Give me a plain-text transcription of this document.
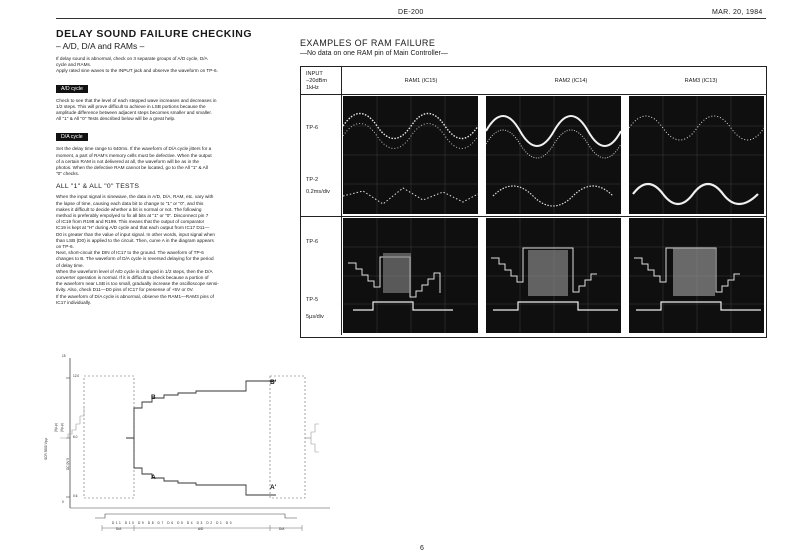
DE-200	MAR. 20, 1984
DELAY SOUND FAILURE CHECKING
– A/D, D/A and RAMs –

If delay sound is abnormal, check on 3 separate groups of A/D cycle, D/A
cycle and RAMs.
Apply rated sine waves to the INPUT jack and observe the waveform on TP-6.

A/D cycle

Check to see that the level of each stepped wave increases and decreases in
1/2 steps. This will prove difficult to achieve in LSB portions because the
amplitude difference between adjacent steps becomes smaller and smaller.
All "1" & All "0" Tests described below will be a great help.

D/A cycle

Set the delay time range to 640ms. If the waveform of D/A cycle jitters for a
moment, a part of RAM's memory cells must be defective. When the output
of a certain RAM is not delivered at all, the waveform will be as in the
photos. When the defective RAM cannot be located, go to the All "1" & All
"0" checks.

ALL "1" & ALL "0" TESTS

When the input signal is sinewave, the data in A/D, D/A, RAM, etc. vary with
the lapse of time, causing each data bit to change to "1" or "0", and this
makes it difficult to decide whether a bit is normal or not. The following
method is preferably empolyed to fix all bits at "1" or "0". Disconnect pin 7
of IC19 from R198 and R199. This means that the output of comparator
IC19 is kept at "H" during A/D cycle and that each output from IC17 D11—
D0 is greater than the value of input signal. In other words, input signal when
than LSB (D0) is applied to the circuit. Then, curve A in the diagram appears
on TP-6.
Next, short-circuit the DIN of IC17 to the ground. The waveform of TP-6
changes to B. The waveform of D/A cycle is reversed delaying for the period
of delay time.
When the waveform level of A/D cycle is changed in 1/2 steps, then the D/A
converter operation is normal. If it is difficult to check because a portion of
the waveform near LSB is too small, gradually increase the oscilloscope sensi-
tivity. Also, check D11—D0 pins of IC17 for presense of +5V or 0V.
If the waveform of D/A cycle is abnormal, observe the RAM1—RAM3 pins of
IC17 individually.

EXAMPLES OF RAM FAILURE
—No data on one RAM pin of Main Controller—
INPUT
−20dBm
1kHz
RAM1 (IC15)	RAM2 (IC14)	RAM3 (IC13)
TP-6
TP-2
0.2ms/div
TP-6
TP-5
5μs/div
B
B'
A
A'
15
12.0
6.0
0.6
0
SCR 3000 Vp-p
(Vp-p) (Vp-p)
DC 0V 5
D11 D10 D9 D8 D7 D6 D5 D4 D3 D2 D1 D0
D/A	A/D	D/A
6
